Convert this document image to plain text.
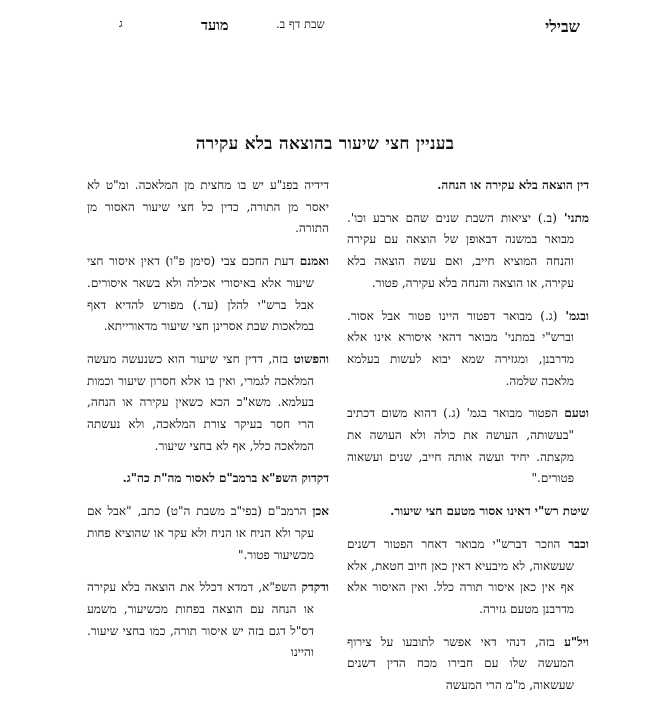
שבילי
שבת דף ב.
מועד
ג
בעניין חצי שיעור בהוצאה בלא עקירה
דין הוצאה בלא עקירה או הנחה.
מתני' (ב.) יציאות השבת שנים שהם ארבע וכו'. מבואר במשנה דבאופן של הוצאה עם עקירה והנחה המוציא חייב, ואם עשה הוצאה בלא עקירה, או הוצאה והנחה בלא עקירה, פטור.
ובגמ' (ג.) מבואר דפטור היינו פטור אבל אסור. וברש"י במתני' מבואר דהאי איסורא אינו אלא מדרבנן, ומגזירה שמא יבוא לעשות בעלמא מלאכה שלמה.
וטעם הפטור מבואר בגמ' (ג.) דהוא משום דכתיב "בעשותה, העושה את כולה ולא העושה את מקצתה. יחיד ועשה אותה חייב, שנים ועשאוה פטורים."
שיטת רש"י דאינו אסור מטעם חצי שיעור.
וכבר הוזכר דברש"י מבואר דאחר הפטור דשנים שעשאוה, לא מיבעיא דאין כאן חיוב חטאת, אלא אף אין כאן איסור תורה כלל. ואין האיסור אלא מדרבנן מטעם גזירה.
ויל"ע בזה, דנהי דאי אפשר לתובעו על צירוף המעשה שלו עם חבירו מכח הדין דשנים שעשאוה, מ"מ הרי המעשה
דידיה בפנ"ע יש בו מחצית מן המלאכה. ומ"ט לא יאסר מן התורה, כדין כל חצי שיעור האסור מן התורה.
ואמנם דעת החכם צבי (סימן פ"ו) דאין איסור חצי שיעור אלא באיסורי אכילה ולא בשאר איסורים. אבל ברש"י להלן (עד.) מפורש להדיא דאף במלאכות שבת אסרינן חצי שיעור מדאורייתא.
והפשוט בזה, דדין חצי שיעור הוא כשנעשה מעשה המלאכה לגמרי, ואין בו אלא חסרון שיעור וכמות בעלמא. משא"כ הכא כשאין עקירה או הנחה, הרי חסר בעיקר צורת המלאכה, ולא נעשתה המלאכה כלל, אף לא בחצי שיעור.
דקדוק השפ"א ברמב"ם לאסור מה"ת כה"ג.
אכן הרמב"ם (בפי"ב משבת ה"ט) כתב, "אבל אם עקר ולא הניח או הניח ולא עקר או שהוציא פחות מכשיעור פטור."
ודקדק השפ"א, דמדא דכלל את הוצאה בלא עקירה או הנחה עם הוצאה בפחות מכשיעור, משמע דס"ל דגם בזה יש איסור תורה, כמו בחצי שיעור. והיינו
